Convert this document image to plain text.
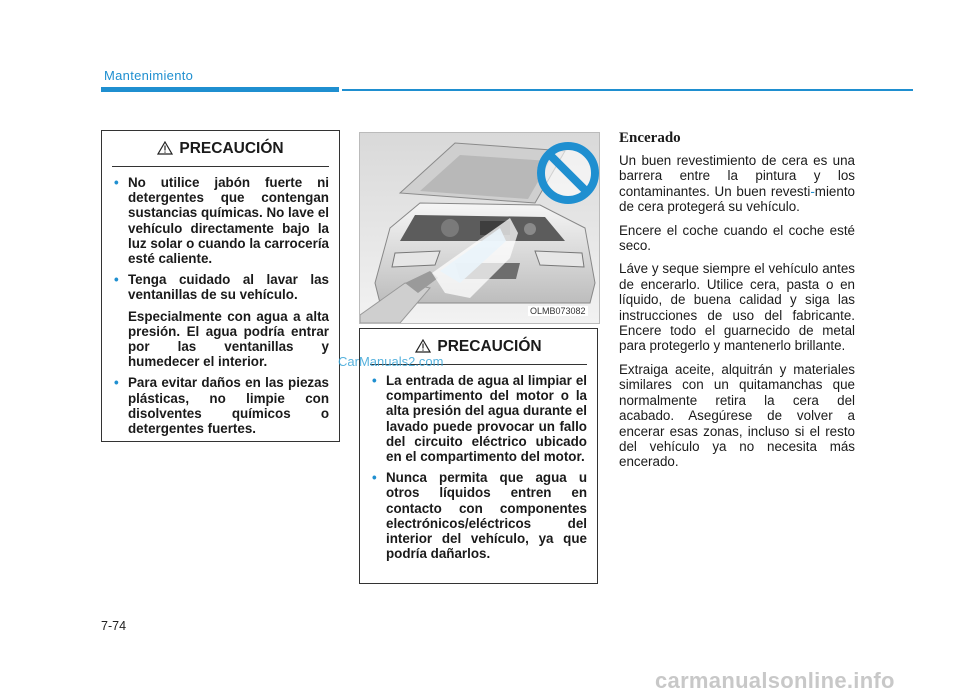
Mantenimiento
PRECAUCIÓN
• No utilice jabón fuerte ni detergentes que contengan sustancias químicas. No lave el vehículo directamente bajo la luz solar o cuando la carrocería esté caliente.
• Tenga cuidado al lavar las ventanillas de su vehículo.
Especialmente con agua a alta presión. El agua podría entrar por las ventanillas y humedecer el interior.
• Para evitar daños en las piezas plásticas, no limpie con disolventes químicos o detergentes fuertes.
OLMB073082
PRECAUCIÓN
• La entrada de agua al limpiar el compartimento del motor o la alta presión del agua durante el lavado puede provocar un fallo del circuito eléctrico ubicado en el compartimento del motor.
• Nunca permita que agua u otros líquidos entren en contacto con componentes electrónicos/eléctricos del interior del vehículo, ya que podría dañarlos.
CarManuals2.com
Encerado

Un buen revestimiento de cera es una barrera entre la pintura y los contaminantes. Un buen revesti-miento de cera protegerá su vehículo.

Encere el coche cuando el coche esté seco.

Láve y seque siempre el vehículo antes de encerarlo. Utilice cera, pasta o en líquido, de buena calidad y siga las instrucciones de uso del fabricante. Encere todo el guarnecido de metal para protegerlo y mantenerlo brillante.

Extraiga aceite, alquitrán y materiales similares con un quitamanchas que normalmente retira la cera del acabado. Asegúrese de volver a encerar esas zonas, incluso si el resto del vehículo ya no necesita más encerado.

7-74
carmanualsonline.info
